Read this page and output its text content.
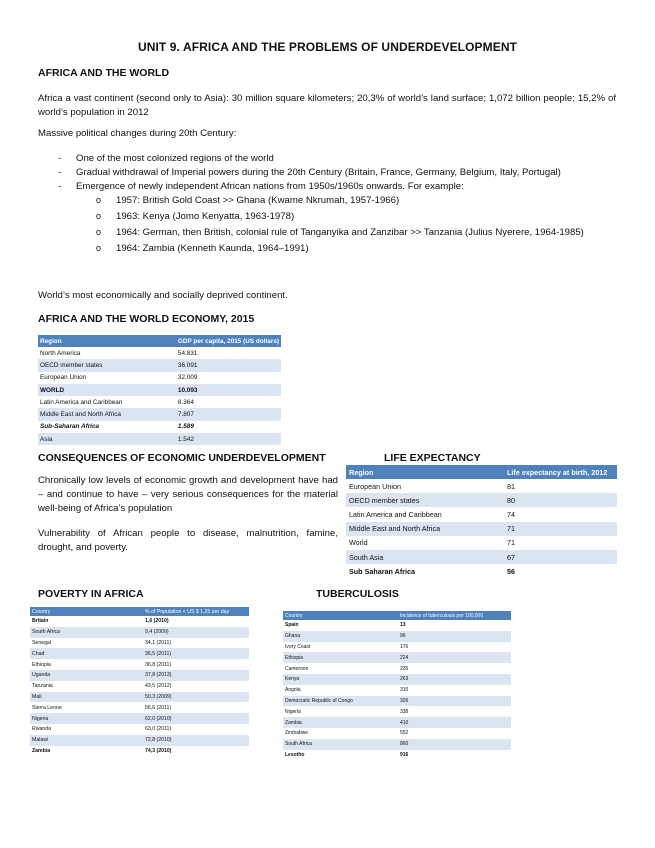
UNIT 9. AFRICA AND THE PROBLEMS OF UNDERDEVELOPMENT
AFRICA AND THE WORLD
Africa a vast continent (second only to Asia): 30 million square kilometers; 20,3% of world’s land surface; 1,072 billion people; 15,2% of world’s population in 2012
Massive political changes during 20th Century:
- One of the most colonized regions of the world
- Gradual withdrawal of Imperial powers during the 20th Century (Britain, France, Germany, Belgium, Italy, Portugal)
- Emergence of newly independent African nations from 1950s/1960s onwards. For example:
o 1957: British Gold Coast >> Ghana (Kwame Nkrumah, 1957-1966)
o 1963: Kenya (Jomo Kenyatta, 1963-1978)
o 1964: German, then British, colonial rule of Tanganyika and Zanzibar >> Tanzania (Julius Nyerere, 1964-1985)
o 1964: Zambia (Kenneth Kaunda, 1964–1991)
World’s most economically and socially deprived continent.
AFRICA AND THE WORLD ECONOMY, 2015
Region	GDP per capita, 2015 (US dollars)
North America	54.831
OECD member states	36.091
European Union	32.009
WORLD	10.093
Latin America and Caribbean	8.364
Middle East and North Africa	7.807
Sub-Saharan Africa	1.589
Asia	1.542
CONSEQUENCES OF ECONOMIC UNDERDEVELOPMENT
Chronically low levels of economic growth and development have had – and continue to have – very serious consequences for the material well-being of Africa’s population
Vulnerability of African people to disease, malnutrition, famine, drought, and poverty.
LIFE EXPECTANCY
Region	Life expectancy at birth, 2012
European Union	81
OECD member states	80
Latin America and Caribbean	74
Middle East and North Africa	71
World	71
South Asia	67
Sub Saharan Africa	56
POVERTY IN AFRICA
Country	% of Population < US $ 1,25 per day
Britain	1,6 (2010)
South Africa	9,4 (2009)
Senegal	34,1 (2011)
Chad	36,5 (2011)
Ethiopia	36,8 (2011)
Uganda	37,8 (2013)
Tanzania	43,5 (2012)
Mali	50,3 (2009)
Sierra Leone	56,6 (2011)
Nigeria	62,0 (2010)
Rwanda	63,0 (2011)
Malawi	72,8 (2010)
Zambia	74,3 (2010)
TUBERCULOSIS
Country	Incidence of tuberculosis per 100,000
Spain	13
Ghana	96
Ivory Coast	176
Ethiopia	224
Cameroon	235
Kenya	263
Angola	310
Democratic Republic of Congo	326
Nigeria	338
Zambia	410
Zimbabwe	552
South Africa	860
Lesotho	916
